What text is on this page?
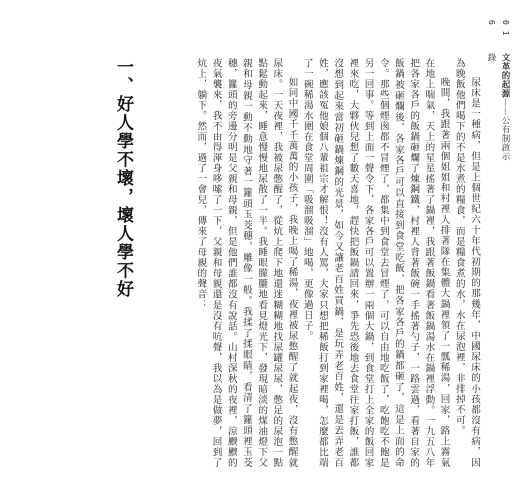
0 1 6
文革的起源——公有制啟示錄
一、好人學不壞，壞人學不好	尿床是一種病，但是上個世紀六十年代初期的那幾年，中國尿床的小孩都沒有病，因為晚飯他們喝下的不是水煮的糧食，而是糧食煮的水，水在尿泡裡，非排掉不可。

晚間，我跟著兩個姐姐和村裡人排著隊在集體大鍋裡領了一瓢稀湯，回家，路上霧氣在地上喘氣，天上的星星搖著了鍋裡，我跟著飯鍋看著飯鍋湯水在鍋裡浮動。一九五八年把各家各戶的飯鍋砸爛了煉鋼鐵，村裡人背著飯碗一手搖著勺子，一路雲過，看著自家的飯鍋被砸爛後，各家各戶可以直接到食堂吃飯，把各家各戶的鍋都砸了，這是上面的命令。那些個煙囪都不冒煙了，都集中到食堂去冒煙了，可以自由地吃飯了，吃飽吃不飽是另一回事。等到上面一聲令下，各家各戶可以置辦一兩個大鍋，到食堂打上全家的飯回家裡來吃，大夥伙兒想了數天喜地，趕快把飯鍋請回來，爭先恐後地去食堂往家打飯，誰都沒想到起來當初砸鍋煉鋼的光景，如今又讓老百姓買鍋，是玩弄老百姓，還是丟弄老百姓，應該冤他娘個八輩祖宗才解恨！沒有人罵，大家只想把稀飯打到家裡喝，怎麼都比端了一碗稀湯水圍在食堂周圍「吸溜吸溜」地喝，更像過日子。

如同中國千千萬萬的小孩子，我晚上喝了稀湯，夜裡被尿憋醒了就起夜，沒有憋醒就尿床。一天夜裡，我被尿憋醒了，從炕上爬下地還迷糊糊地找尿罐尿尿，憋足的尿泡一點點鬆動起來，睡意慢慢地尿散了一半。我睡眼朦朧地看見燈光下，發現暗淡的煤油燈下父親和母親一動不動地守著一籮頭玉茭穗，雕像一般。我揉了揉眼睛，看清了籮頭裡玉茭穗，籮頭的旁邊分明是父親和母親，但是他們誰都沒有說話。山村深秋的夜裡，涼颼颼的夜氣襲來，我不由得渾身哆嗦了一下，父親和母親還是沒有吭聲，我以為是做夢，回到了炕上，躺下。然而，過了一會兒，傳來了母親的聲音：
